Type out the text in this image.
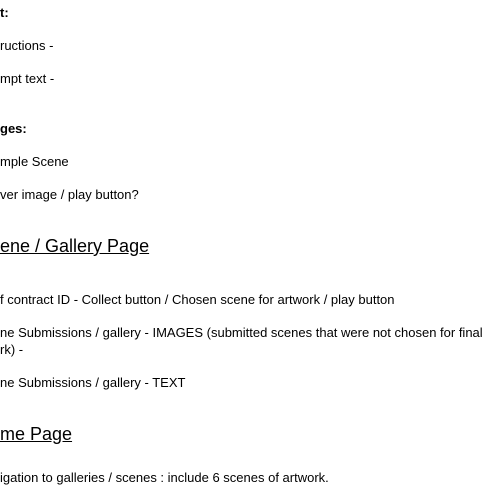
t:
ructions -
mpt text -
ges:
mple Scene
ver image / play button?
ene / Gallery Page
f contract ID - Collect button / Chosen scene for artwork / play button
ne Submissions / gallery - IMAGES (submitted scenes that were not chosen for final
rk) -
ne Submissions / gallery - TEXT
me Page
igation to galleries / scenes : include 6 scenes of artwork.
